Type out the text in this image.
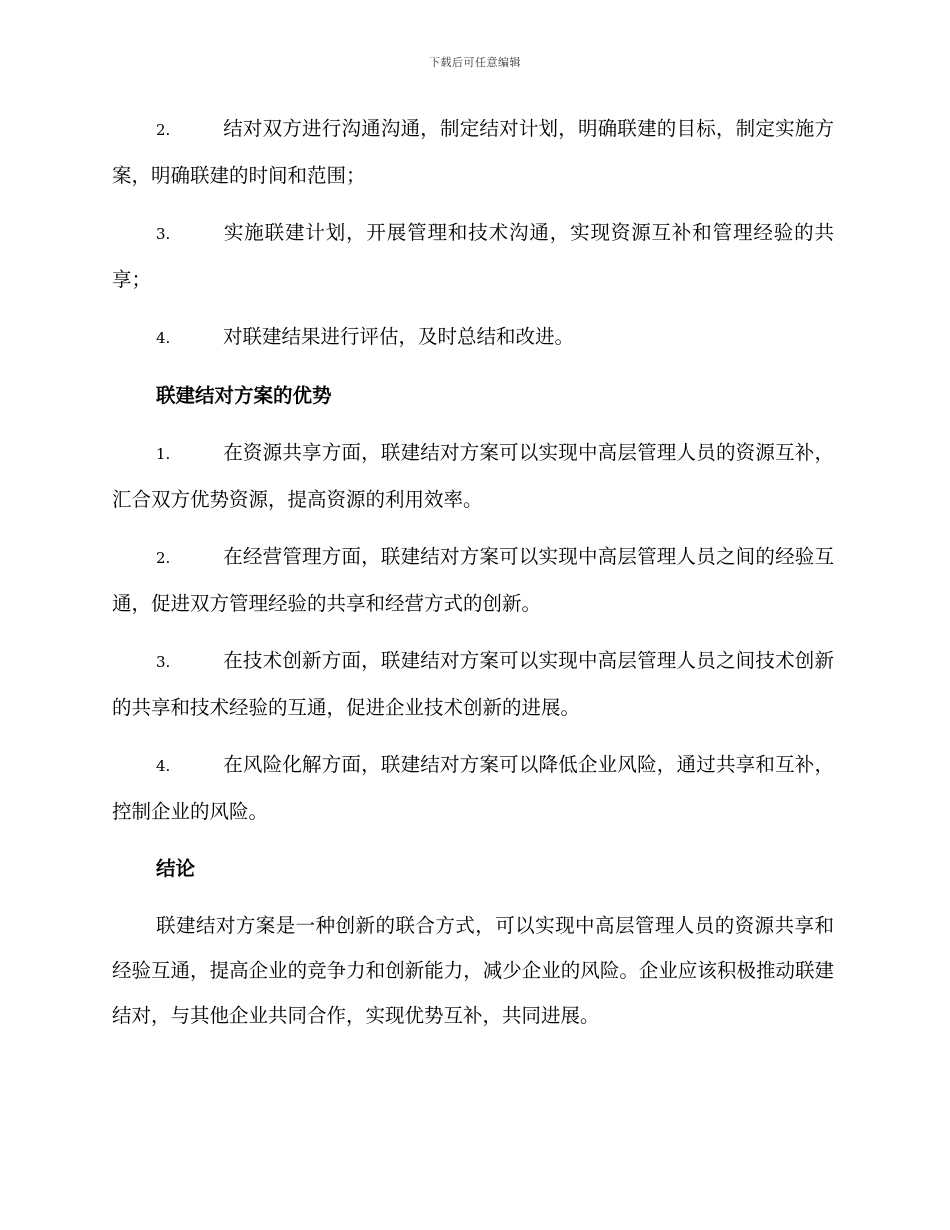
下载后可任意编辑

2.	结对双方进行沟通沟通，制定结对计划，明确联建的目标，制定实施方案，明确联建的时间和范围；

3.	实施联建计划，开展管理和技术沟通，实现资源互补和管理经验的共享；

4.	对联建结果进行评估，及时总结和改进。

联建结对方案的优势

1.	在资源共享方面，联建结对方案可以实现中高层管理人员的资源互补，汇合双方优势资源，提高资源的利用效率。

2.	在经营管理方面，联建结对方案可以实现中高层管理人员之间的经验互通，促进双方管理经验的共享和经营方式的创新。

3.	在技术创新方面，联建结对方案可以实现中高层管理人员之间技术创新的共享和技术经验的互通，促进企业技术创新的进展。

4.	在风险化解方面，联建结对方案可以降低企业风险，通过共享和互补，控制企业的风险。

结论

联建结对方案是一种创新的联合方式，可以实现中高层管理人员的资源共享和经验互通，提高企业的竞争力和创新能力，减少企业的风险。企业应该积极推动联建结对，与其他企业共同合作，实现优势互补，共同进展。
